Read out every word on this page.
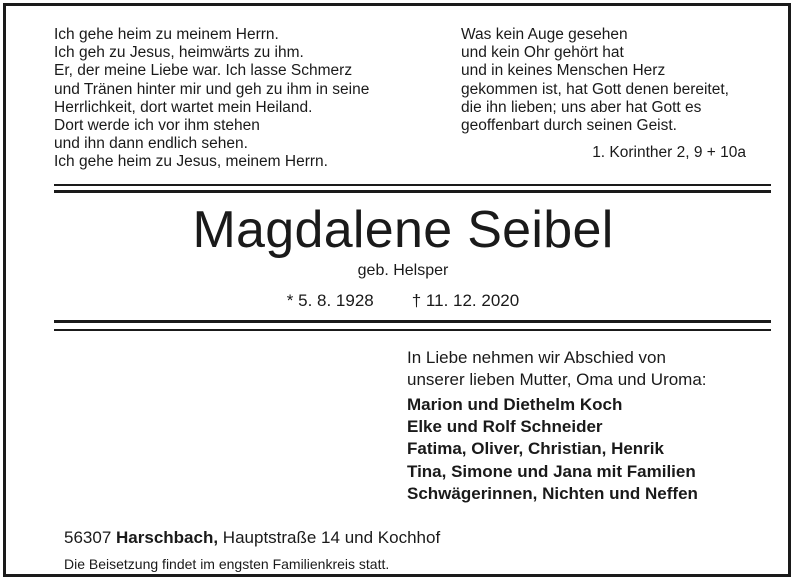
Ich gehe heim zu meinem Herrn.
Ich geh zu Jesus, heimwärts zu ihm.
Er, der meine Liebe war. Ich lasse Schmerz
und Tränen hinter mir und geh zu ihm in seine
Herrlichkeit, dort wartet mein Heiland.
Dort werde ich vor ihm stehen
und ihn dann endlich sehen.
Ich gehe heim zu Jesus, meinem Herrn.
Was kein Auge gesehen
und kein Ohr gehört hat
und in keines Menschen Herz
gekommen ist, hat Gott denen bereitet,
die ihn lieben; uns aber hat Gott es
geoffenbart durch seinen Geist.
1. Korinther 2, 9 + 10a
Magdalene Seibel
geb. Helsper
* 5. 8. 1928 † 11. 12. 2020
In Liebe nehmen wir Abschied von
unserer lieben Mutter, Oma und Uroma:
Marion und Diethelm Koch
Elke und Rolf Schneider
Fatima, Oliver, Christian, Henrik
Tina, Simone und Jana mit Familien
Schwägerinnen, Nichten und Neffen
56307 Harschbach, Hauptstraße 14 und Kochhof
Die Beisetzung findet im engsten Familienkreis statt.
